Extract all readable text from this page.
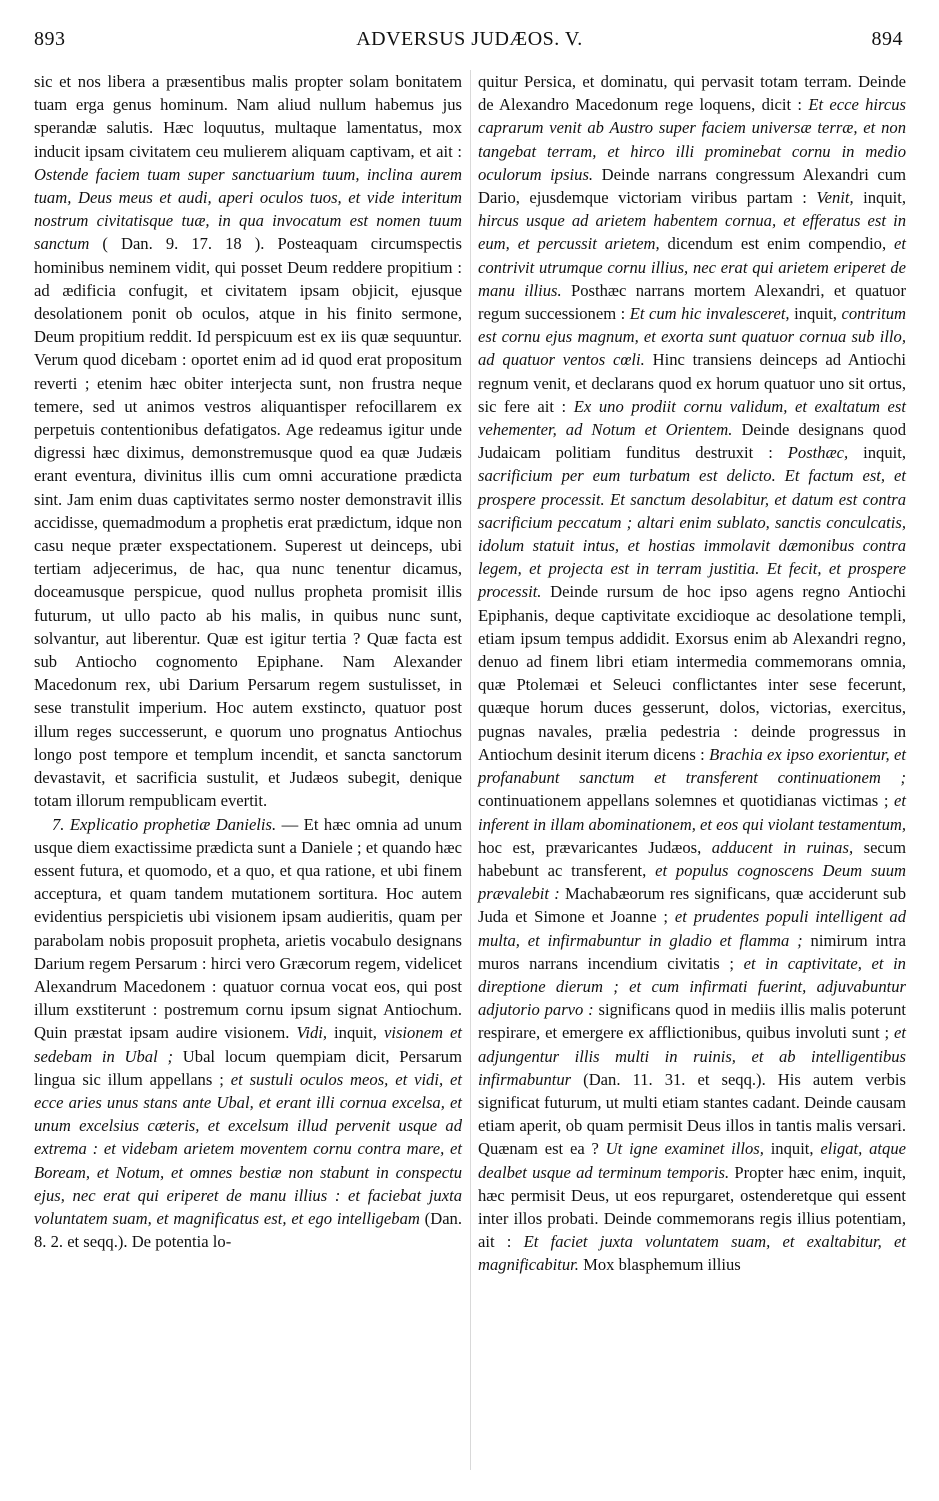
893	ADVERSUS JUDÆOS. V.	894

sic et nos libera a præsentibus malis propter solam bonitatem tuam erga genus hominum. Nam aliud nullum habemus jus sperandæ salutis. Hæc loquutus, multaque lamentatus, mox inducit ipsam civitatem ceu mulierem aliquam captivam, et ait : Ostende faciem tuam super sanctuarium tuum, inclina aurem tuam, Deus meus et audi, aperi oculos tuos, et vide interitum nostrum civitatisque tuæ, in qua invocatum est nomen tuum sanctum ( Dan. 9. 17. 18 ). Posteaquam circumspectis hominibus neminem vidit, qui posset Deum reddere propitium : ad ædificia confugit, et civitatem ipsam objicit, ejusque desolationem ponit ob oculos, atque in his finito sermone, Deum propitium reddit. Id perspicuum est ex iis quæ sequuntur. Verum quod dicebam : oportet enim ad id quod erat propositum reverti ; etenim hæc obiter interjecta sunt, non frustra neque temere, sed ut animos vestros aliquantisper refocillarem ex perpetuis contentionibus defatigatos. Age redeamus igitur unde digressi hæc diximus, demonstremusque quod ea quæ Judæis erant eventura, divinitus illis cum omni accuratione prædicta sint. Jam enim duas captivitates sermo noster demonstravit illis accidisse, quemadmodum a prophetis erat prædictum, idque non casu neque præter exspectationem. Superest ut deinceps, ubi tertiam adjecerimus, de hac, qua nunc tenentur dicamus, doceamusque perspicue, quod nullus propheta promisit illis futurum, ut ullo pacto ab his malis, in quibus nunc sunt, solvantur, aut liberentur. Quæ est igitur tertia ? Quæ facta est sub Antiocho cognomento Epiphane. Nam Alexander Macedonum rex, ubi Darium Persarum regem sustulisset, in sese transtulit imperium. Hoc autem exstincto, quatuor post illum reges successerunt, e quorum uno prognatus Antiochus longo post tempore et templum incendit, et sancta sanctorum devastavit, et sacrificia sustulit, et Judæos subegit, denique totam illorum rempublicam evertit.

7. Explicatio prophetiæ Danielis. — Et hæc omnia ad unum usque diem exactissime prædicta sunt a Daniele ; et quando hæc essent futura, et quomodo, et a quo, et qua ratione, et ubi finem acceptura, et quam tandem mutationem sortitura. Hoc autem evidentius perspicietis ubi visionem ipsam audieritis, quam per parabolam nobis proposuit propheta, arietis vocabulo designans Darium regem Persarum : hirci vero Græcorum regem, videlicet Alexandrum Macedonem : quatuor cornua vocat eos, qui post illum exstiterunt : postremum cornu ipsum signat Antiochum. Quin præstat ipsam audire visionem. Vidi, inquit, visionem et sedebam in Ubal ; Ubal locum quempiam dicit, Persarum lingua sic illum appellans ; et sustuli oculos meos, et vidi, et ecce aries unus stans ante Ubal, et erant illi cornua excelsa, et unum excelsius cæteris, et excelsum illud pervenit usque ad extrema : et videbam arietem moventem cornu contra mare, et Boream, et Notum, et omnes bestiæ non stabunt in conspectu ejus, nec erat qui eriperet de manu illius : et faciebat juxta voluntatem suam, et magnificatus est, et ego intelligebam (Dan. 8. 2. et seqq.). De potentia lo-

quitur Persica, et dominatu, qui pervasit totam terram. Deinde de Alexandro Macedonum rege loquens, dicit : Et ecce hircus caprarum venit ab Austro super faciem universæ terræ, et non tangebat terram, et hirco illi prominebat cornu in medio oculorum ipsius. Deinde narrans congressum Alexandri cum Dario, ejusdemque victoriam viribus partam : Venit, inquit, hircus usque ad arietem habentem cornua, et efferatus est in eum, et percussit arietem, dicendum est enim compendio, et contrivit utrumque cornu illius, nec erat qui arietem eriperet de manu illius. Posthæc narrans mortem Alexandri, et quatuor regum successionem : Et cum hic invalesceret, inquit, contritum est cornu ejus magnum, et exorta sunt quatuor cornua sub illo, ad quatuor ventos cœli. Hinc transiens deinceps ad Antiochi regnum venit, et declarans quod ex horum quatuor uno sit ortus, sic fere ait : Ex uno prodiit cornu validum, et exaltatum est vehementer, ad Notum et Orientem. Deinde designans quod Judaicam politiam funditus destruxit : Posthæc, inquit, sacrificium per eum turbatum est delicto. Et factum est, et prospere processit. Et sanctum desolabitur, et datum est contra sacrificium peccatum ; altari enim sublato, sanctis conculcatis, idolum statuit intus, et hostias immolavit dæmonibus contra legem, et projecta est in terram justitia. Et fecit, et prospere processit. Deinde rursum de hoc ipso agens regno Antiochi Epiphanis, deque captivitate excidioque ac desolatione templi, etiam ipsum tempus addidit. Exorsus enim ab Alexandri regno, denuo ad finem libri etiam intermedia commemorans omnia, quæ Ptolemæi et Seleuci conflictantes inter sese fecerunt, quæque horum duces gesserunt, dolos, victorias, exercitus, pugnas navales, prælia pedestria : deinde progressus in Antiochum desinit iterum dicens : Brachia ex ipso exorientur, et profanabunt sanctum et transferent continuationem ; continuationem appellans solemnes et quotidianas victimas ; et inferent in illam abominationem, et eos qui violant testamentum, hoc est, prævaricantes Judæos, adducent in ruinas, secum habebunt ac transferent, et populus cognoscens Deum suum prævalebit : Machabæorum res significans, quæ acciderunt sub Juda et Simone et Joanne ; et prudentes populi intelligent ad multa, et infirmabuntur in gladio et flamma ; nimirum intra muros narrans incendium civitatis ; et in captivitate, et in direptione dierum ; et cum infirmati fuerint, adjuvabuntur adjutorio parvo : significans quod in mediis illis malis poterunt respirare, et emergere ex afflictionibus, quibus involuti sunt ; et adjungentur illis multi in ruinis, et ab intelligentibus infirmabuntur (Dan. 11. 31. et seqq.). His autem verbis significat futurum, ut multi etiam stantes cadant. Deinde causam etiam aperit, ob quam permisit Deus illos in tantis malis versari. Quænam est ea ? Ut igne examinet illos, inquit, eligat, atque dealbet usque ad terminum temporis. Propter hæc enim, inquit, hæc permisit Deus, ut eos repurgaret, ostenderetque qui essent inter illos probati. Deinde commemorans regis illius potentiam, ait : Et faciet juxta voluntatem suam, et exaltabitur, et magnificabitur. Mox blasphemum illius
